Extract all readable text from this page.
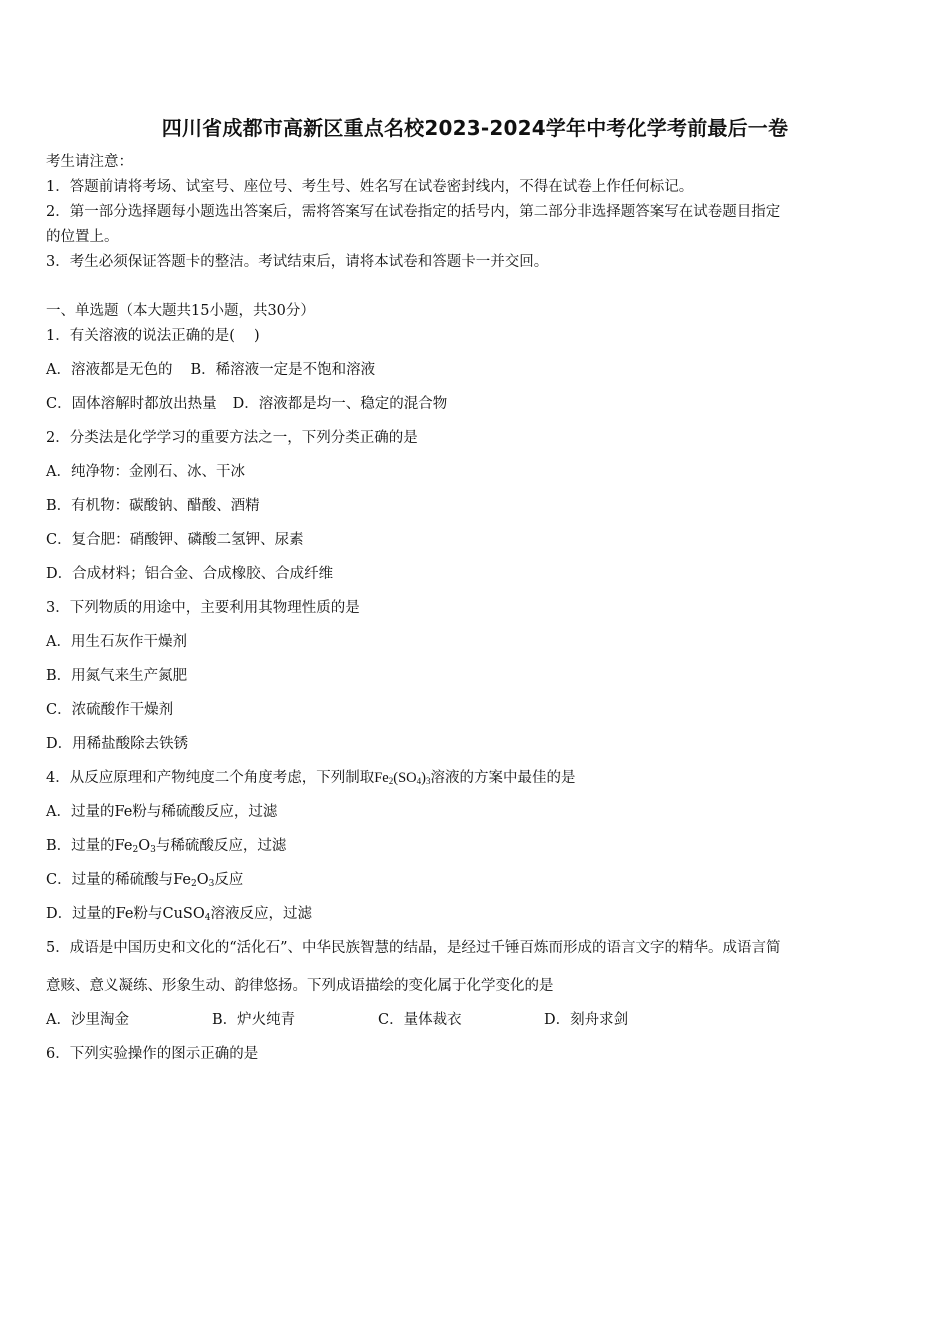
四川省成都市高新区重点名校2023-2024学年中考化学考前最后一卷
考生请注意：
1．答题前请将考场、试室号、座位号、考生号、姓名写在试卷密封线内，不得在试卷上作任何标记。
2．第一部分选择题每小题选出答案后，需将答案写在试卷指定的括号内，第二部分非选择题答案写在试卷题目指定
的位置上。
3．考生必须保证答题卡的整洁。考试结束后，请将本试卷和答题卡一并交回。
一、单选题（本大题共15小题，共30分）
1．有关溶液的说法正确的是(　 )
A．溶液都是无色的 B．稀溶液一定是不饱和溶液
C．固体溶解时都放出热量 D．溶液都是均一、稳定的混合物
2．分类法是化学学习的重要方法之一，下列分类正确的是
A．纯净物：金刚石、冰、干冰
B．有机物：碳酸钠、醋酸、酒精
C．复合肥：硝酸钾、磷酸二氢钾、尿素
D．合成材料；铝合金、合成橡胶、合成纤维
3．下列物质的用途中，主要利用其物理性质的是
A．用生石灰作干燥剂
B．用氮气来生产氮肥
C．浓硫酸作干燥剂
D．用稀盐酸除去铁锈
4．从反应原理和产物纯度二个角度考虑，下列制取$Fe_2(SO_4)_3$溶液的方案中最佳的是
A．过量的Fe粉与稀硫酸反应，过滤
B．过量的$Fe_2O_3$与稀硫酸反应，过滤
C．过量的稀硫酸与$Fe_2O_3$反应
D．过量的Fe粉与CuSO$_4$溶液反应，过滤
5．成语是中国历史和文化的“活化石”、中华民族智慧的结晶，是经过千锤百炼而形成的语言文字的精华。成语言简
意赅、意义凝练、形象生动、韵律悠扬。下列成语描绘的变化属于化学变化的是
A．沙里淘金	B．炉火纯青	C．量体裁衣	D．刻舟求剑
6．下列实验操作的图示正确的是
